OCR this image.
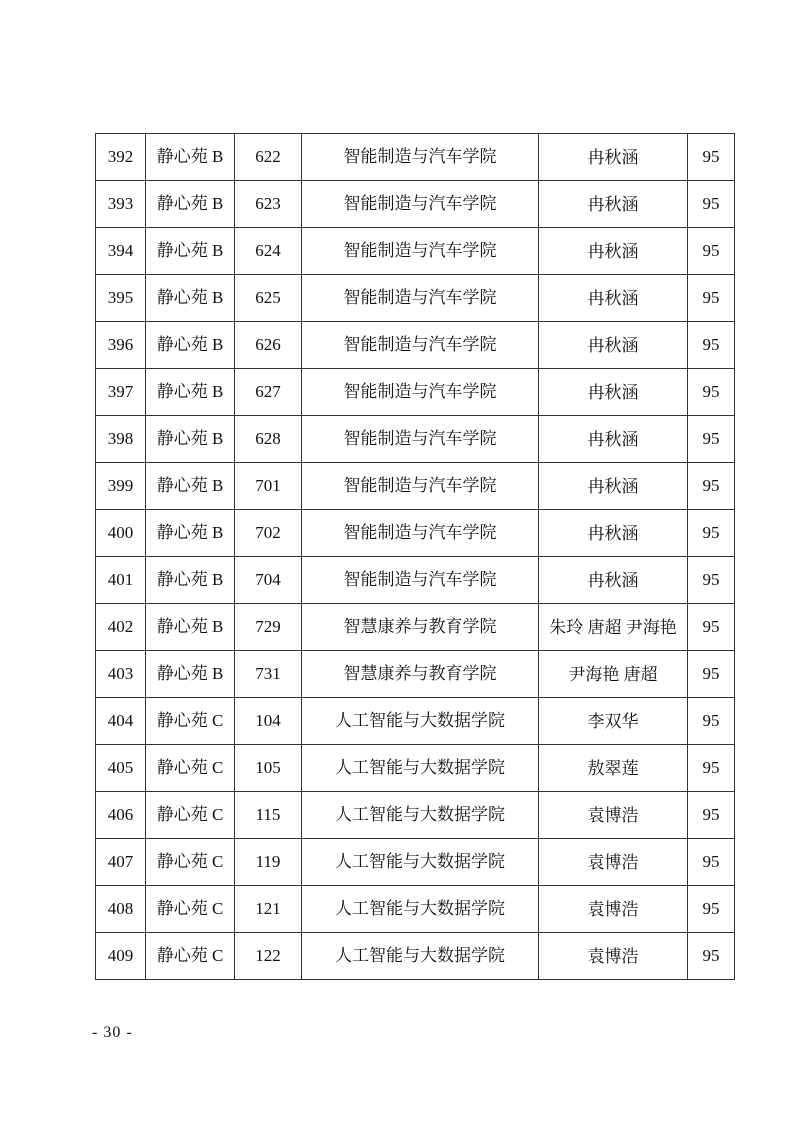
392	静心苑 B	622	智能制造与汽车学院	冉秋涵	95
393	静心苑 B	623	智能制造与汽车学院	冉秋涵	95
394	静心苑 B	624	智能制造与汽车学院	冉秋涵	95
395	静心苑 B	625	智能制造与汽车学院	冉秋涵	95
396	静心苑 B	626	智能制造与汽车学院	冉秋涵	95
397	静心苑 B	627	智能制造与汽车学院	冉秋涵	95
398	静心苑 B	628	智能制造与汽车学院	冉秋涵	95
399	静心苑 B	701	智能制造与汽车学院	冉秋涵	95
400	静心苑 B	702	智能制造与汽车学院	冉秋涵	95
401	静心苑 B	704	智能制造与汽车学院	冉秋涵	95
402	静心苑 B	729	智慧康养与教育学院	朱玲 唐超 尹海艳	95
403	静心苑 B	731	智慧康养与教育学院	尹海艳 唐超	95
404	静心苑 C	104	人工智能与大数据学院	李双华	95
405	静心苑 C	105	人工智能与大数据学院	敖翠莲	95
406	静心苑 C	115	人工智能与大数据学院	袁博浩	95
407	静心苑 C	119	人工智能与大数据学院	袁博浩	95
408	静心苑 C	121	人工智能与大数据学院	袁博浩	95
409	静心苑 C	122	人工智能与大数据学院	袁博浩	95
- 30 -
